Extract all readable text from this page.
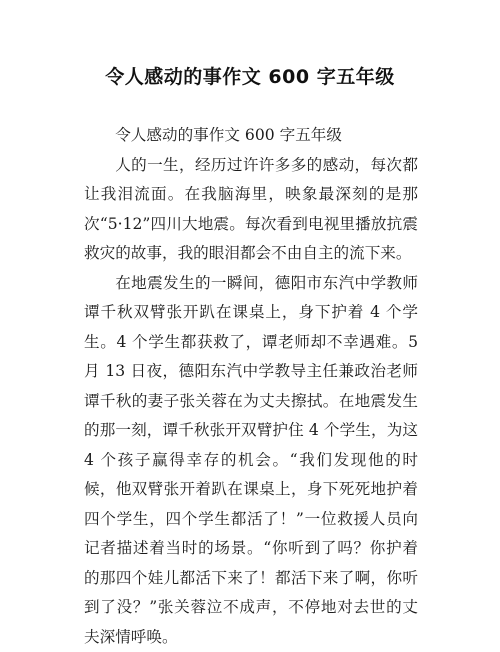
令人感动的事作文 600 字五年级

令人感动的事作文 600 字五年级

人的一生，经历过许许多多的感动，每次都让我泪流面。在我脑海里，映象最深刻的是那次“5·12”四川大地震。每次看到电视里播放抗震救灾的故事，我的眼泪都会不由自主的流下来。

在地震发生的一瞬间，德阳市东汽中学教师谭千秋双臂张开趴在课桌上，身下护着 4 个学生。4 个学生都获救了，谭老师却不幸遇难。5 月 13 日夜，德阳东汽中学教导主任兼政治老师谭千秋的妻子张关蓉在为丈夫擦拭。在地震发生的那一刻，谭千秋张开双臂护住 4 个学生，为这 4 个孩子赢得幸存的机会。“我们发现他的时候，他双臂张开着趴在课桌上，身下死死地护着四个学生，四个学生都活了！”一位救援人员向记者描述着当时的场景。“你听到了吗？你护着的那四个娃儿都活下来了！都活下来了啊，你听到了没？”张关蓉泣不成声，不停地对去世的丈夫深情呼唤。
